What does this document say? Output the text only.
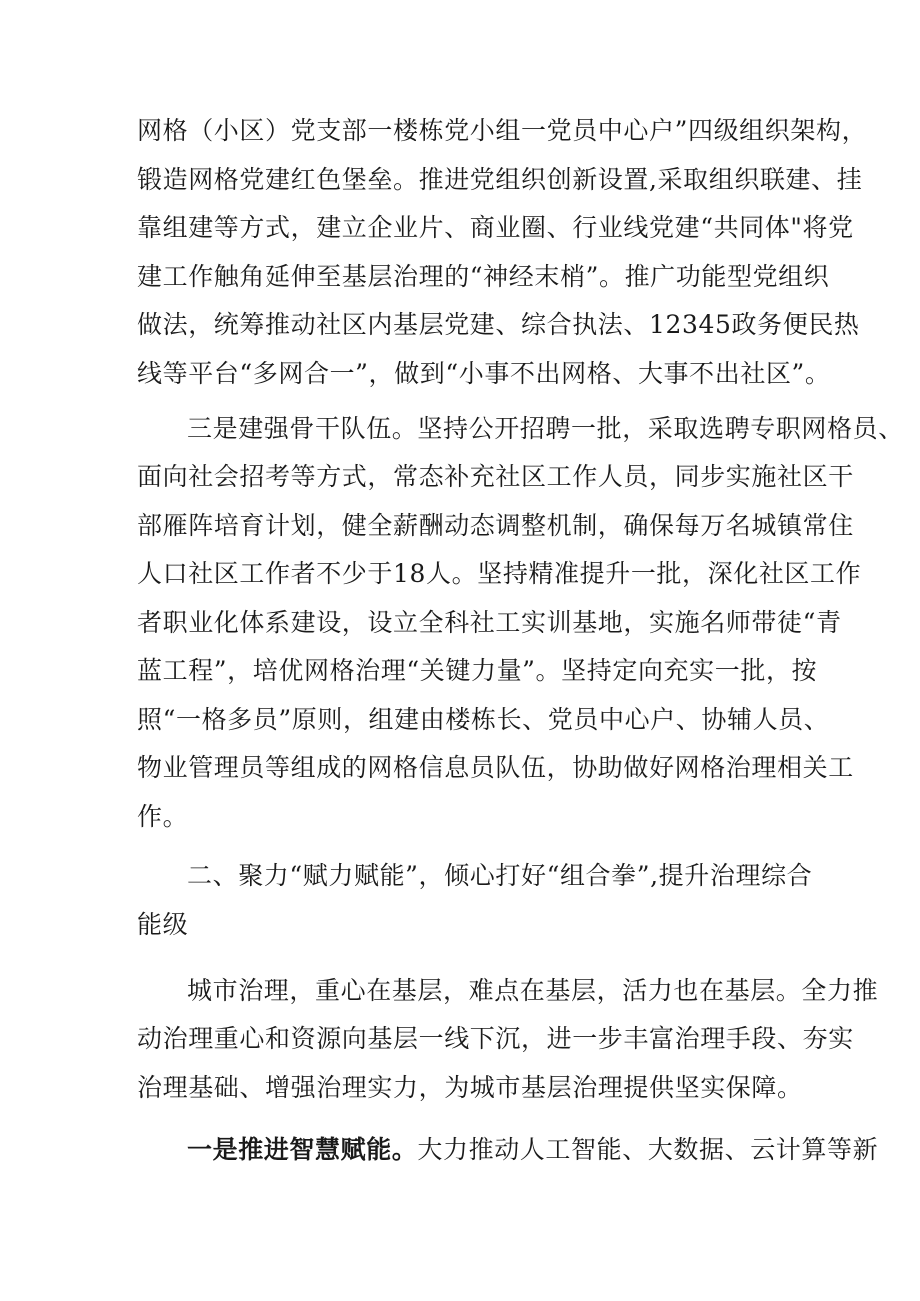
网格（小区）党支部一楼栋党小组一党员中心户”四级组织架构，
锻造网格党建红色堡垒。推进党组织创新设置,采取组织联建、挂
靠组建等方式，建立企业片、商业圈、行业线党建“共同体"将党
建工作触角延伸至基层治理的“神经末梢”。推广功能型党组织
做法，统筹推动社区内基层党建、综合执法、12345政务便民热
线等平台“多网合一”，做到“小事不出网格、大事不出社区”。
三是建强骨干队伍。坚持公开招聘一批，采取选聘专职网格员、
面向社会招考等方式，常态补充社区工作人员，同步实施社区干
部雁阵培育计划，健全薪酬动态调整机制，确保每万名城镇常住
人口社区工作者不少于18人。坚持精准提升一批，深化社区工作
者职业化体系建设，设立全科社工实训基地，实施名师带徒“青
蓝工程”，培优网格治理“关键力量”。坚持定向充实一批，按
照“一格多员”原则，组建由楼栋长、党员中心户、协辅人员、
物业管理员等组成的网格信息员队伍，协助做好网格治理相关工
作。
二、聚力“赋力赋能”，倾心打好“组合拳”,提升治理综合
能级
城市治理，重心在基层，难点在基层，活力也在基层。全力推
动治理重心和资源向基层一线下沉，进一步丰富治理手段、夯实
治理基础、增强治理实力，为城市基层治理提供坚实保障。
一是推进智慧赋能。大力推动人工智能、大数据、云计算等新
